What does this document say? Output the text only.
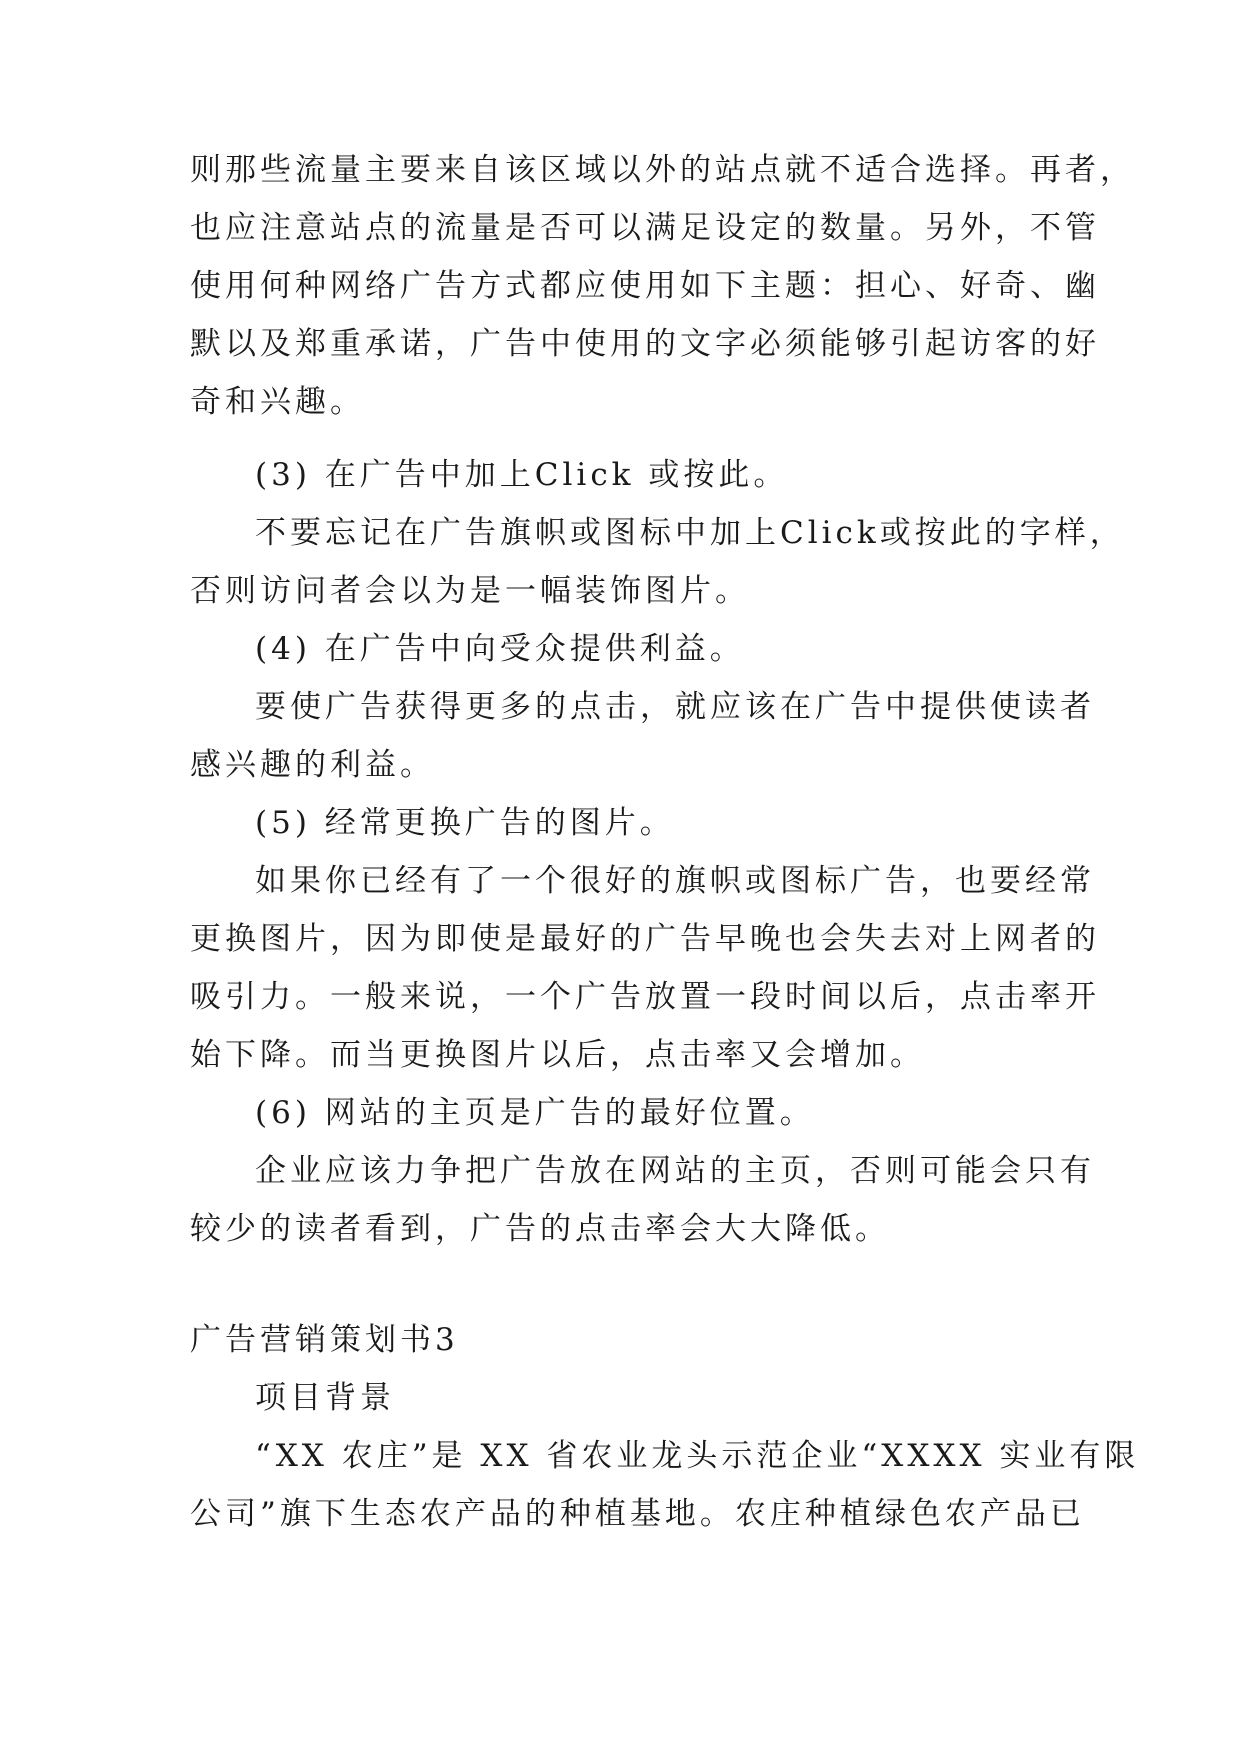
则那些流量主要来自该区域以外的站点就不适合选择。再者，
也应注意站点的流量是否可以满足设定的数量。另外，不管
使用何种网络广告方式都应使用如下主题：担心、好奇、幽
默以及郑重承诺，广告中使用的文字必须能够引起访客的好
奇和兴趣。
(3) 在广告中加上Click 或按此。
不要忘记在广告旗帜或图标中加上Click或按此的字样，
否则访问者会以为是一幅装饰图片。
(4) 在广告中向受众提供利益。
要使广告获得更多的点击，就应该在广告中提供使读者
感兴趣的利益。
(5) 经常更换广告的图片。
如果你已经有了一个很好的旗帜或图标广告，也要经常
更换图片，因为即使是最好的广告早晚也会失去对上网者的
吸引力。一般来说，一个广告放置一段时间以后，点击率开
始下降。而当更换图片以后，点击率又会增加。
(6) 网站的主页是广告的最好位置。
企业应该力争把广告放在网站的主页，否则可能会只有
较少的读者看到，广告的点击率会大大降低。
广告营销策划书3
项目背景
“XX 农庄”是 XX 省农业龙头示范企业“XXXX 实业有限
公司”旗下生态农产品的种植基地。农庄种植绿色农产品已
